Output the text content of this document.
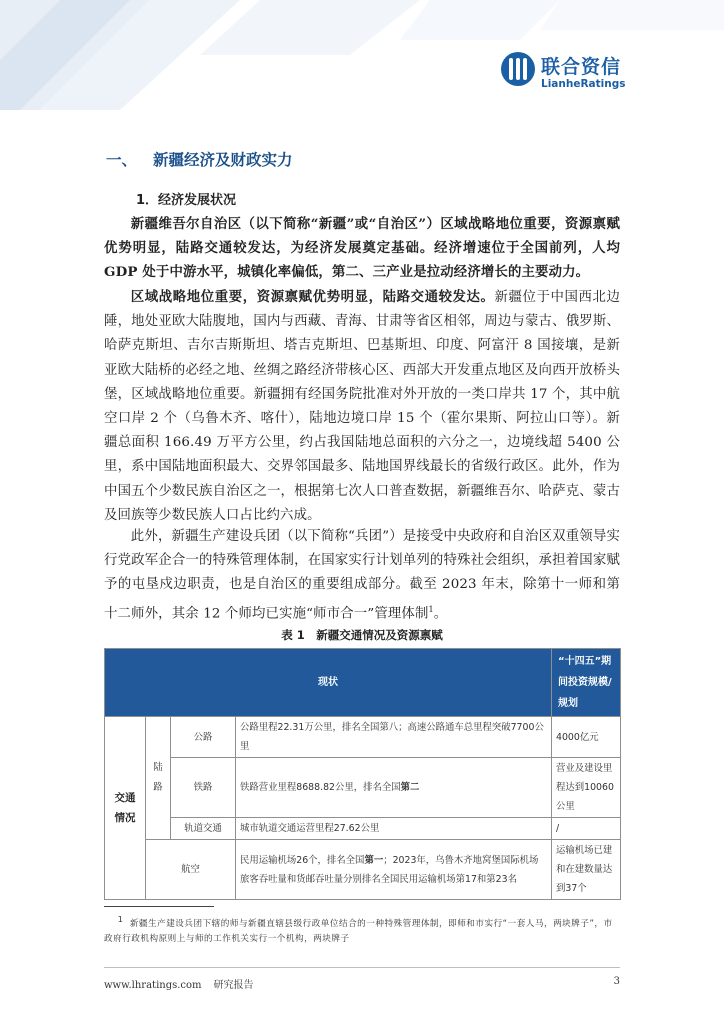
联合资信
LianheRatings
一、 新疆经济及财政实力
1．经济发展状况

新疆维吾尔自治区（以下简称“新疆”或“自治区”）区域战略地位重要，资源禀赋优势明显，陆路交通较发达，为经济发展奠定基础。经济增速位于全国前列，人均 GDP 处于中游水平，城镇化率偏低，第二、三产业是拉动经济增长的主要动力。

区域战略地位重要，资源禀赋优势明显，陆路交通较发达。新疆位于中国西北边陲，地处亚欧大陆腹地，国内与西藏、青海、甘肃等省区相邻，周边与蒙古、俄罗斯、哈萨克斯坦、吉尔吉斯斯坦、塔吉克斯坦、巴基斯坦、印度、阿富汗 8 国接壤，是新亚欧大陆桥的必经之地、丝绸之路经济带核心区、西部大开发重点地区及向西开放桥头堡，区域战略地位重要。新疆拥有经国务院批准对外开放的一类口岸共 17 个，其中航空口岸 2 个（乌鲁木齐、喀什），陆地边境口岸 15 个（霍尔果斯、阿拉山口等）。新疆总面积 166.49 万平方公里，约占我国陆地总面积的六分之一，边境线超 5400 公里，系中国陆地面积最大、交界邻国最多、陆地国界线最长的省级行政区。此外，作为中国五个少数民族自治区之一，根据第七次人口普查数据，新疆维吾尔、哈萨克、蒙古及回族等少数民族人口占比约六成。

此外，新疆生产建设兵团（以下简称“兵团”）是接受中央政府和自治区双重领导实行党政军企合一的特殊管理体制，在国家实行计划单列的特殊社会组织，承担着国家赋予的屯垦戍边职责，也是自治区的重要组成部分。截至 2023 年末，除第十一师和第十二师外，其余 12 个师均已实施“师市合一”管理体制$^1$。

表 1　新疆交通情况及资源禀赋
现状				“十四五”期间投资规模/规划

交通情况	陆路	公路	公路里程22.31万公里，排名全国第八；高速公路通车总里程突破7700公里	4000亿元
		铁路	铁路营业里程8688.82公里，排名全国第二	营业及建设里程达到10060公里
		轨道交通	城市轨道交通运营里程27.62公里	/
	航空		民用运输机场26个，排名全国第一；2023年，乌鲁木齐地窝堡国际机场旅客吞吐量和货邮吞吐量分别排名全国民用运输机场第17和第23名	运输机场已建和在建数量达到37个

$^1$ 新疆生产建设兵团下辖的师与新疆直辖县级行政单位结合的一种特殊管理体制，即师和市实行“一套人马，两块牌子”，市政府行政机构原则上与师的工作机关实行一个机构，两块牌子

www.lhratings.com 研究报告	3
